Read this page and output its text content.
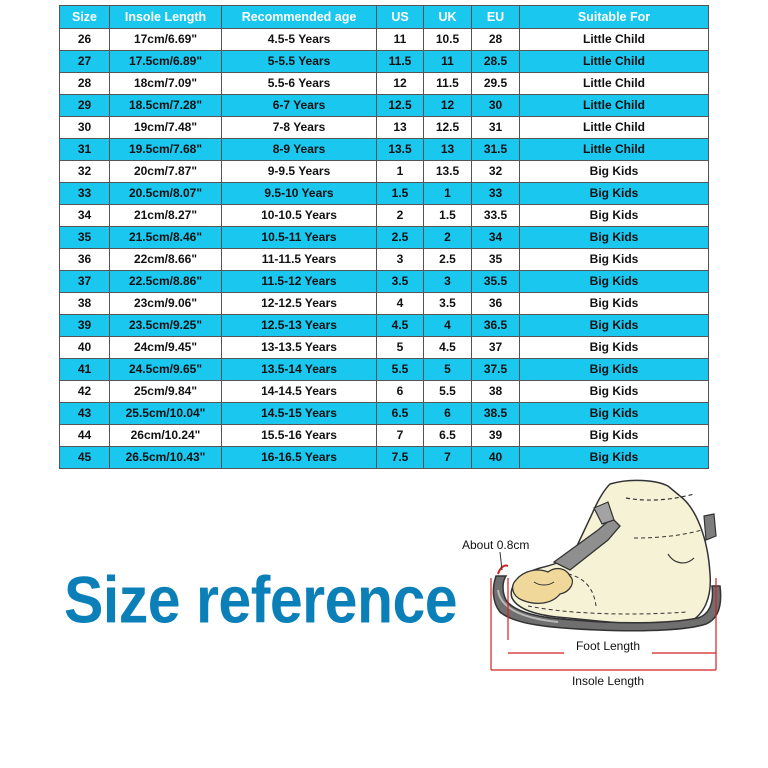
Size	Insole Length	Recommended age	US	UK	EU	Suitable For
26	17cm/6.69"	4.5-5 Years	11	10.5	28	Little Child
27	17.5cm/6.89"	5-5.5 Years	11.5	11	28.5	Little Child
28	18cm/7.09"	5.5-6 Years	12	11.5	29.5	Little Child
29	18.5cm/7.28"	6-7 Years	12.5	12	30	Little Child
30	19cm/7.48"	7-8 Years	13	12.5	31	Little Child
31	19.5cm/7.68"	8-9 Years	13.5	13	31.5	Little Child
32	20cm/7.87"	9-9.5 Years	1	13.5	32	Big Kids
33	20.5cm/8.07"	9.5-10 Years	1.5	1	33	Big Kids
34	21cm/8.27"	10-10.5 Years	2	1.5	33.5	Big Kids
35	21.5cm/8.46"	10.5-11 Years	2.5	2	34	Big Kids
36	22cm/8.66"	11-11.5 Years	3	2.5	35	Big Kids
37	22.5cm/8.86"	11.5-12 Years	3.5	3	35.5	Big Kids
38	23cm/9.06"	12-12.5 Years	4	3.5	36	Big Kids
39	23.5cm/9.25"	12.5-13 Years	4.5	4	36.5	Big Kids
40	24cm/9.45"	13-13.5 Years	5	4.5	37	Big Kids
41	24.5cm/9.65"	13.5-14 Years	5.5	5	37.5	Big Kids
42	25cm/9.84"	14-14.5 Years	6	5.5	38	Big Kids
43	25.5cm/10.04"	14.5-15 Years	6.5	6	38.5	Big Kids
44	26cm/10.24"	15.5-16 Years	7	6.5	39	Big Kids
45	26.5cm/10.43"	16-16.5 Years	7.5	7	40	Big Kids
Size reference
About 0.8cm
Foot Length
Insole Length
